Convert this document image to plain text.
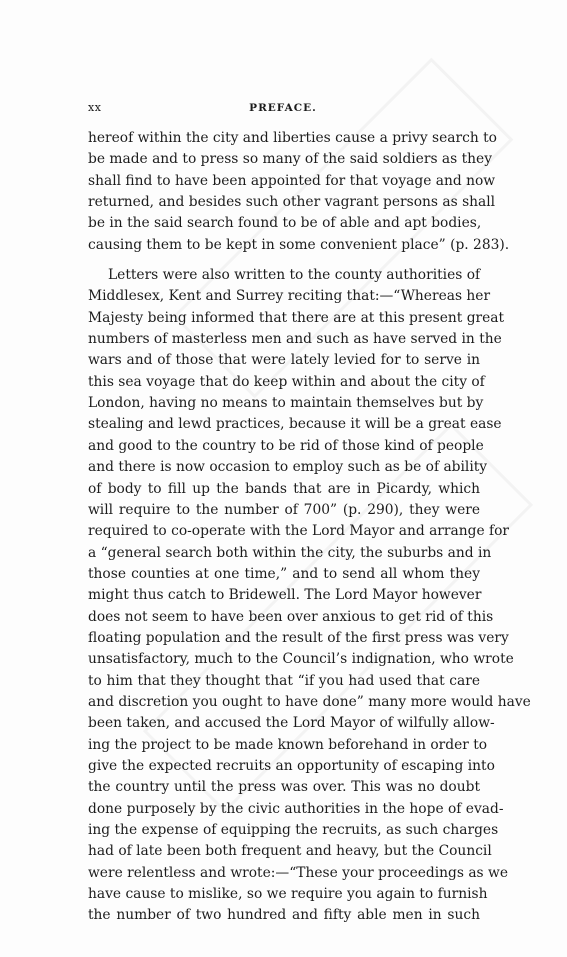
xx	PREFACE.
hereof within the city and liberties cause a privy search to
be made and to press so many of the said soldiers as they
shall find to have been appointed for that voyage and now
returned, and besides such other vagrant persons as shall
be in the said search found to be of able and apt bodies,
causing them to be kept in some convenient place” (p. 283).
Letters were also written to the county authorities of
Middlesex, Kent and Surrey reciting that:—“Whereas her
Majesty being informed that there are at this present great
numbers of masterless men and such as have served in the
wars and of those that were lately levied for to serve in
this sea voyage that do keep within and about the city of
London, having no means to maintain themselves but by
stealing and lewd practices, because it will be a great ease
and good to the country to be rid of those kind of people
and there is now occasion to employ such as be of ability
of body to fill up the bands that are in Picardy, which
will require to the number of 700” (p. 290), they were
required to co-operate with the Lord Mayor and arrange for
a “general search both within the city, the suburbs and in
those counties at one time,” and to send all whom they
might thus catch to Bridewell. The Lord Mayor however
does not seem to have been over anxious to get rid of this
floating population and the result of the first press was very
unsatisfactory, much to the Council’s indignation, who wrote
to him that they thought that “if you had used that care
and discretion you ought to have done” many more would have
been taken, and accused the Lord Mayor of wilfully allow-
ing the project to be made known beforehand in order to
give the expected recruits an opportunity of escaping into
the country until the press was over. This was no doubt
done purposely by the civic authorities in the hope of evad-
ing the expense of equipping the recruits, as such charges
had of late been both frequent and heavy, but the Council
were relentless and wrote:—“These your proceedings as we
have cause to mislike, so we require you again to furnish
the number of two hundred and fifty able men in such
